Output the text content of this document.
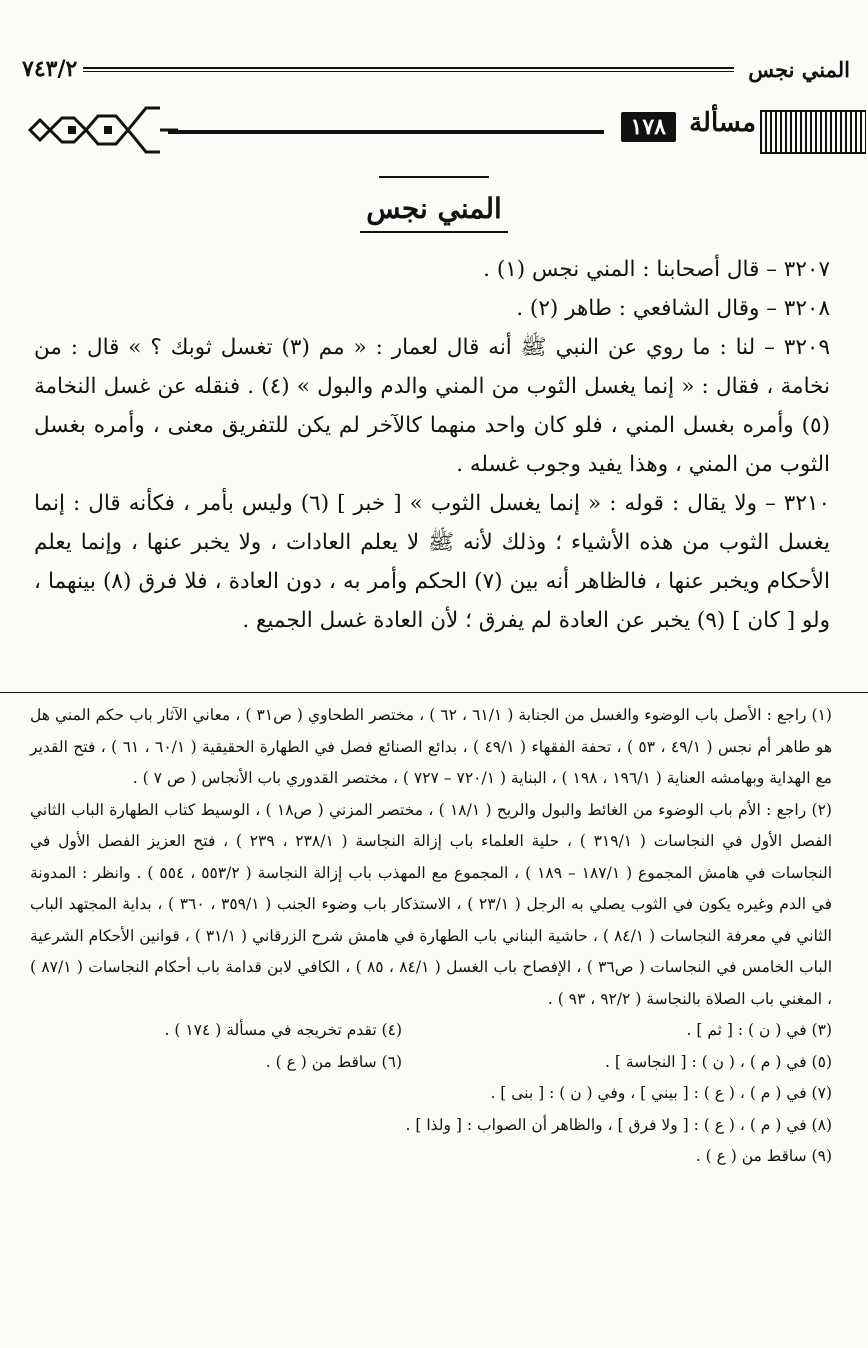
المني نجس
٧٤٣/٢
مسألة
١٧٨
المني نجس

٣٢٠٧ – قال أصحابنا : المني نجس (١) .

٣٢٠٨ – وقال الشافعي : طاهر (٢) .

٣٢٠٩ – لنا : ما روي عن النبي ﷺ أنه قال لعمار : « مم (٣) تغسل ثوبك ؟ » قال : من نخامة ، فقال : « إنما يغسل الثوب من المني والدم والبول » (٤) . فنقله عن غسل النخامة (٥) وأمره بغسل المني ، فلو كان واحد منهما كالآخر لم يكن للتفريق معنى ، وأمره بغسل الثوب من المني ، وهذا يفيد وجوب غسله .

٣٢١٠ – ولا يقال : قوله : « إنما يغسل الثوب » [ خبر ] (٦) وليس بأمر ، فكأنه قال : إنما يغسل الثوب من هذه الأشياء ؛ وذلك لأنه ﷺ لا يعلم العادات ، ولا يخبر عنها ، وإنما يعلم الأحكام ويخبر عنها ، فالظاهر أنه بين (٧) الحكم وأمر به ، دون العادة ، فلا فرق (٨) بينهما ، ولو [ كان ] (٩) يخبر عن العادة لم يفرق ؛ لأن العادة غسل الجميع .

(١) راجع : الأصل باب الوضوء والغسل من الجنابة ( ٦١/١ ، ٦٢ ) ، مختصر الطحاوي ( ص٣١ ) ، معاني الآثار باب حكم المني هل هو طاهر أم نجس ( ٤٩/١ ، ٥٣ ) ، تحفة الفقهاء ( ٤٩/١ ) ، بدائع الصنائع فصل في الطهارة الحقيقية ( ٦٠/١ ، ٦١ ) ، فتح القدير مع الهداية وبهامشه العناية ( ١٩٦/١ ، ١٩٨ ) ، البناية ( ٧٢٠/١ – ٧٢٧ ) ، مختصر القدوري باب الأنجاس ( ص ٧ ) .

(٢) راجع : الأم باب الوضوء من الغائط والبول والريح ( ١٨/١ ) ، مختصر المزني ( ص١٨ ) ، الوسيط كتاب الطهارة الباب الثاني الفصل الأول في النجاسات ( ٣١٩/١ ) ، حلية العلماء باب إزالة النجاسة ( ٢٣٨/١ ، ٢٣٩ ) ، فتح العزيز الفصل الأول في النجاسات في هامش المجموع ( ١٨٧/١ – ١٨٩ ) ، المجموع مع المهذب باب إزالة النجاسة ( ٥٥٣/٢ ، ٥٥٤ ) . وانظر : المدونة في الدم وغيره يكون في الثوب يصلي به الرجل ( ٢٣/١ ) ، الاستذكار باب وضوء الجنب ( ٣٥٩/١ ، ٣٦٠ ) ، بداية المجتهد الباب الثاني في معرفة النجاسات ( ٨٤/١ ) ، حاشية البناني باب الطهارة في هامش شرح الزرقاني ( ٣١/١ ) ، قوانين الأحكام الشرعية الباب الخامس في النجاسات ( ص٣٦ ) ، الإفصاح باب الغسل ( ٨٤/١ ، ٨٥ ) ، الكافي لابن قدامة باب أحكام النجاسات ( ٨٧/١ ) ، المغني باب الصلاة بالنجاسة ( ٩٢/٢ ، ٩٣ ) .

(٣) في ( ن ) : [ ثم ] .
(٤) تقدم تخريجه في مسألة ( ١٧٤ ) .
(٥) في ( م ) ، ( ن ) : [ النجاسة ] .
(٦) ساقط من ( ع ) .

(٧) في ( م ) ، ( ع ) : [ بيني ] ، وفي ( ن ) : [ بنى ] .

(٨) في ( م ) ، ( ع ) : [ ولا فرق ] ، والظاهر أن الصواب : [ ولذا ] .

(٩) ساقط من ( ع ) .
